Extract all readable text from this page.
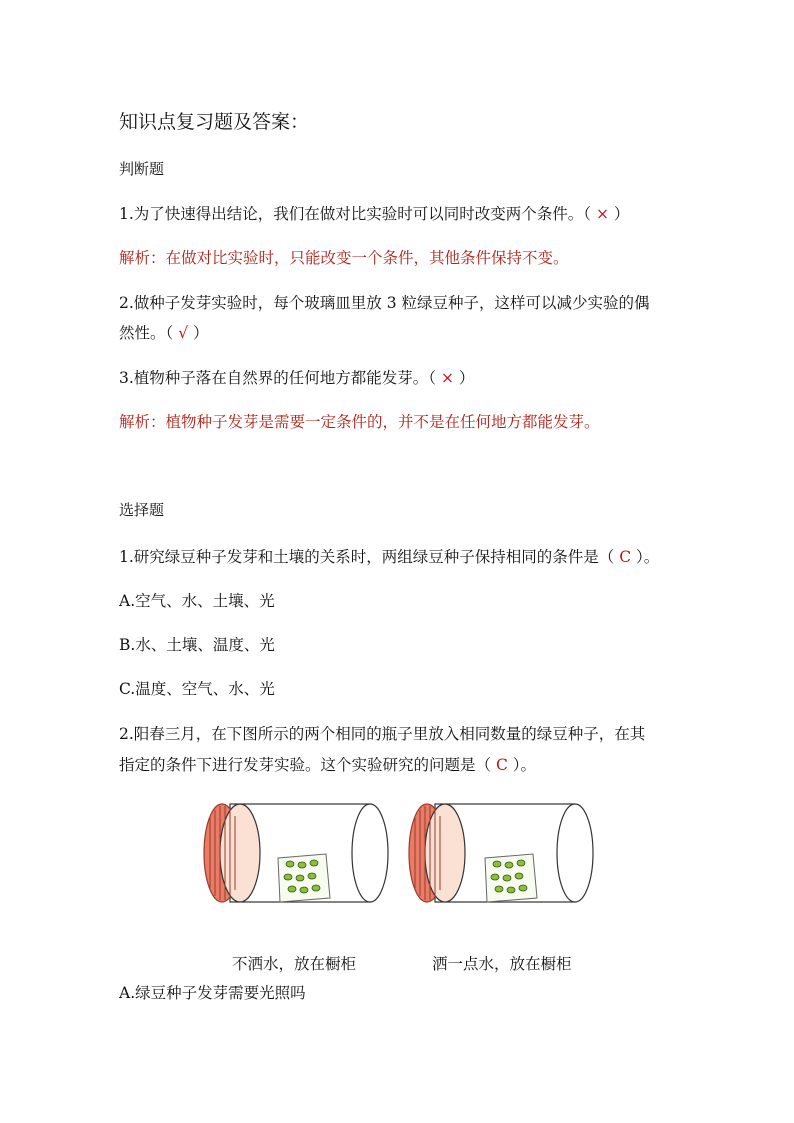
知识点复习题及答案：

判断题

1.为了快速得出结论，我们在做对比实验时可以同时改变两个条件。（ × ）

解析：在做对比实验时，只能改变一个条件，其他条件保持不变。

2.做种子发芽实验时，每个玻璃皿里放 3 粒绿豆种子，这样可以减少实验的偶

然性。（ √ ）

3.植物种子落在自然界的任何地方都能发芽。（ × ）

解析：植物种子发芽是需要一定条件的，并不是在任何地方都能发芽。

选择题

1.研究绿豆种子发芽和土壤的关系时，两组绿豆种子保持相同的条件是（ C ）。

A.空气、水、土壤、光

B.水、土壤、温度、光

C.温度、空气、水、光

2.阳春三月，在下图所示的两个相同的瓶子里放入相同数量的绿豆种子，在其

指定的条件下进行发芽实验。这个实验研究的问题是（ C ）。

不洒水，放在橱柜	洒一点水，放在橱柜

A.绿豆种子发芽需要光照吗
